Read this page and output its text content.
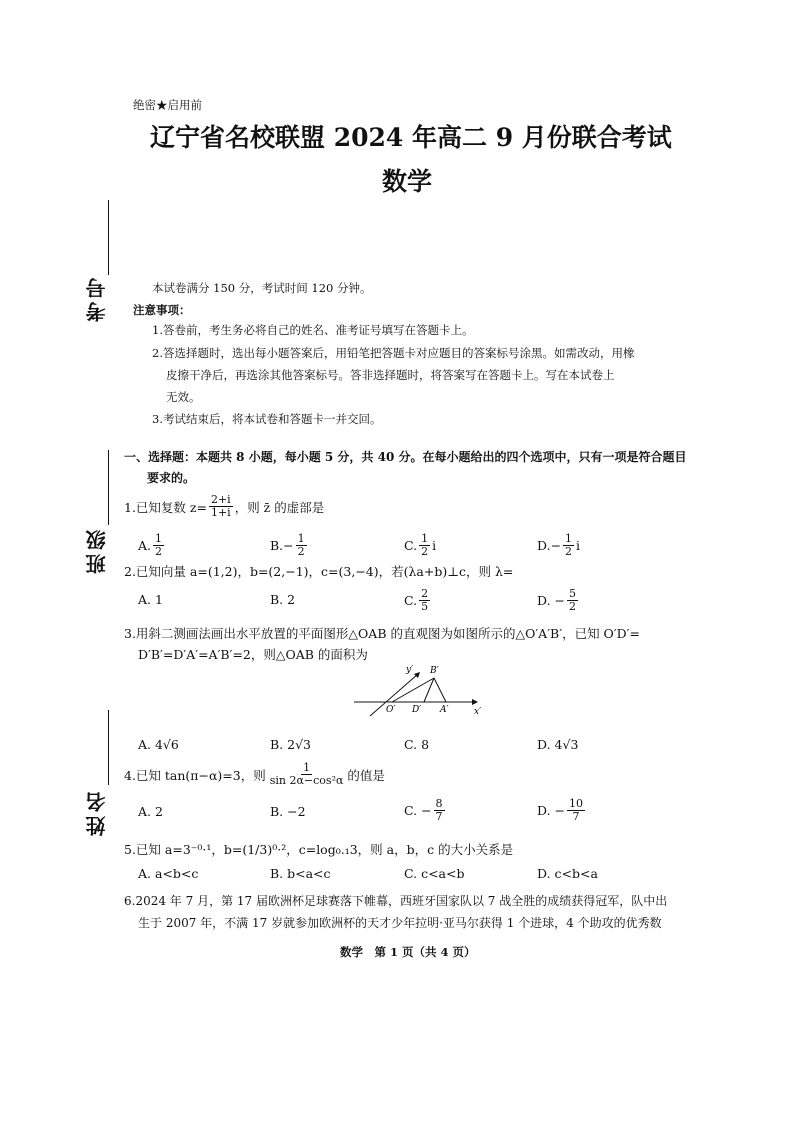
绝密★启用前
辽宁省名校联盟 2024 年高二 9 月份联合考试
数学
考号
班级
姓名
本试卷满分 150 分，考试时间 120 分钟。
注意事项：
1.答卷前，考生务必将自己的姓名、准考证号填写在答题卡上。
2.答选择题时，选出每小题答案后，用铅笔把答题卡对应题目的答案标号涂黑。如需改动，用橡
皮擦干净后，再选涂其他答案标号。答非选择题时，将答案写在答题卡上。写在本试卷上
无效。
3.考试结束后，将本试卷和答题卡一并交回。
一、选择题：本题共 8 小题，每小题 5 分，共 40 分。在每小题给出的四个选项中，只有一项是符合题目
要求的。
1.已知复数 $z= \frac{2+i}{1+i}$ ，则 z̄ 的虚部是
A. $\frac{1}{2}$	B. − $\frac{1}{2}$	C. $\frac{1}{2}$ i	D. − $\frac{1}{2}$ i
2.已知向量 a=(1,2)，b=(2,−1)，c=(3,−4)，若(λa+b)⊥c，则 λ=
A. 1	B. 2	C. $\frac{2}{5}$	D. − $\frac{5}{2}$
3.用斜二测画法画出水平放置的平面图形△OAB 的直观图为如图所示的△O′A′B′，已知 O′D′=
D′B′=D′A′=A′B′=2，则△OAB 的面积为
y′
x′
O′ D′ A′
B′
A. 4√6	B. 2√3	C. 8	D. 4√3
4.已知 tan(π−α)=3，则 $\frac{1}{\text{sin 2α−cos²α}}$ 的值是
A. 2	B. −2	C. − $\frac{8}{7}$	D. − $\frac{10}{7}$
5.已知 a=3⁻⁰·¹，b=(1/3)⁰·²，c=log₀.₁3，则 a，b，c 的大小关系是
A. a<b<c	B. b<a<c	C. c<a<b	D. c<b<a
6.2024 年 7 月，第 17 届欧洲杯足球赛落下帷幕，西班牙国家队以 7 战全胜的成绩获得冠军，队中出
生于 2007 年，不满 17 岁就参加欧洲杯的天才少年拉明·亚马尔获得 1 个进球，4 个助攻的优秀数
数学　第 1 页（共 4 页）
